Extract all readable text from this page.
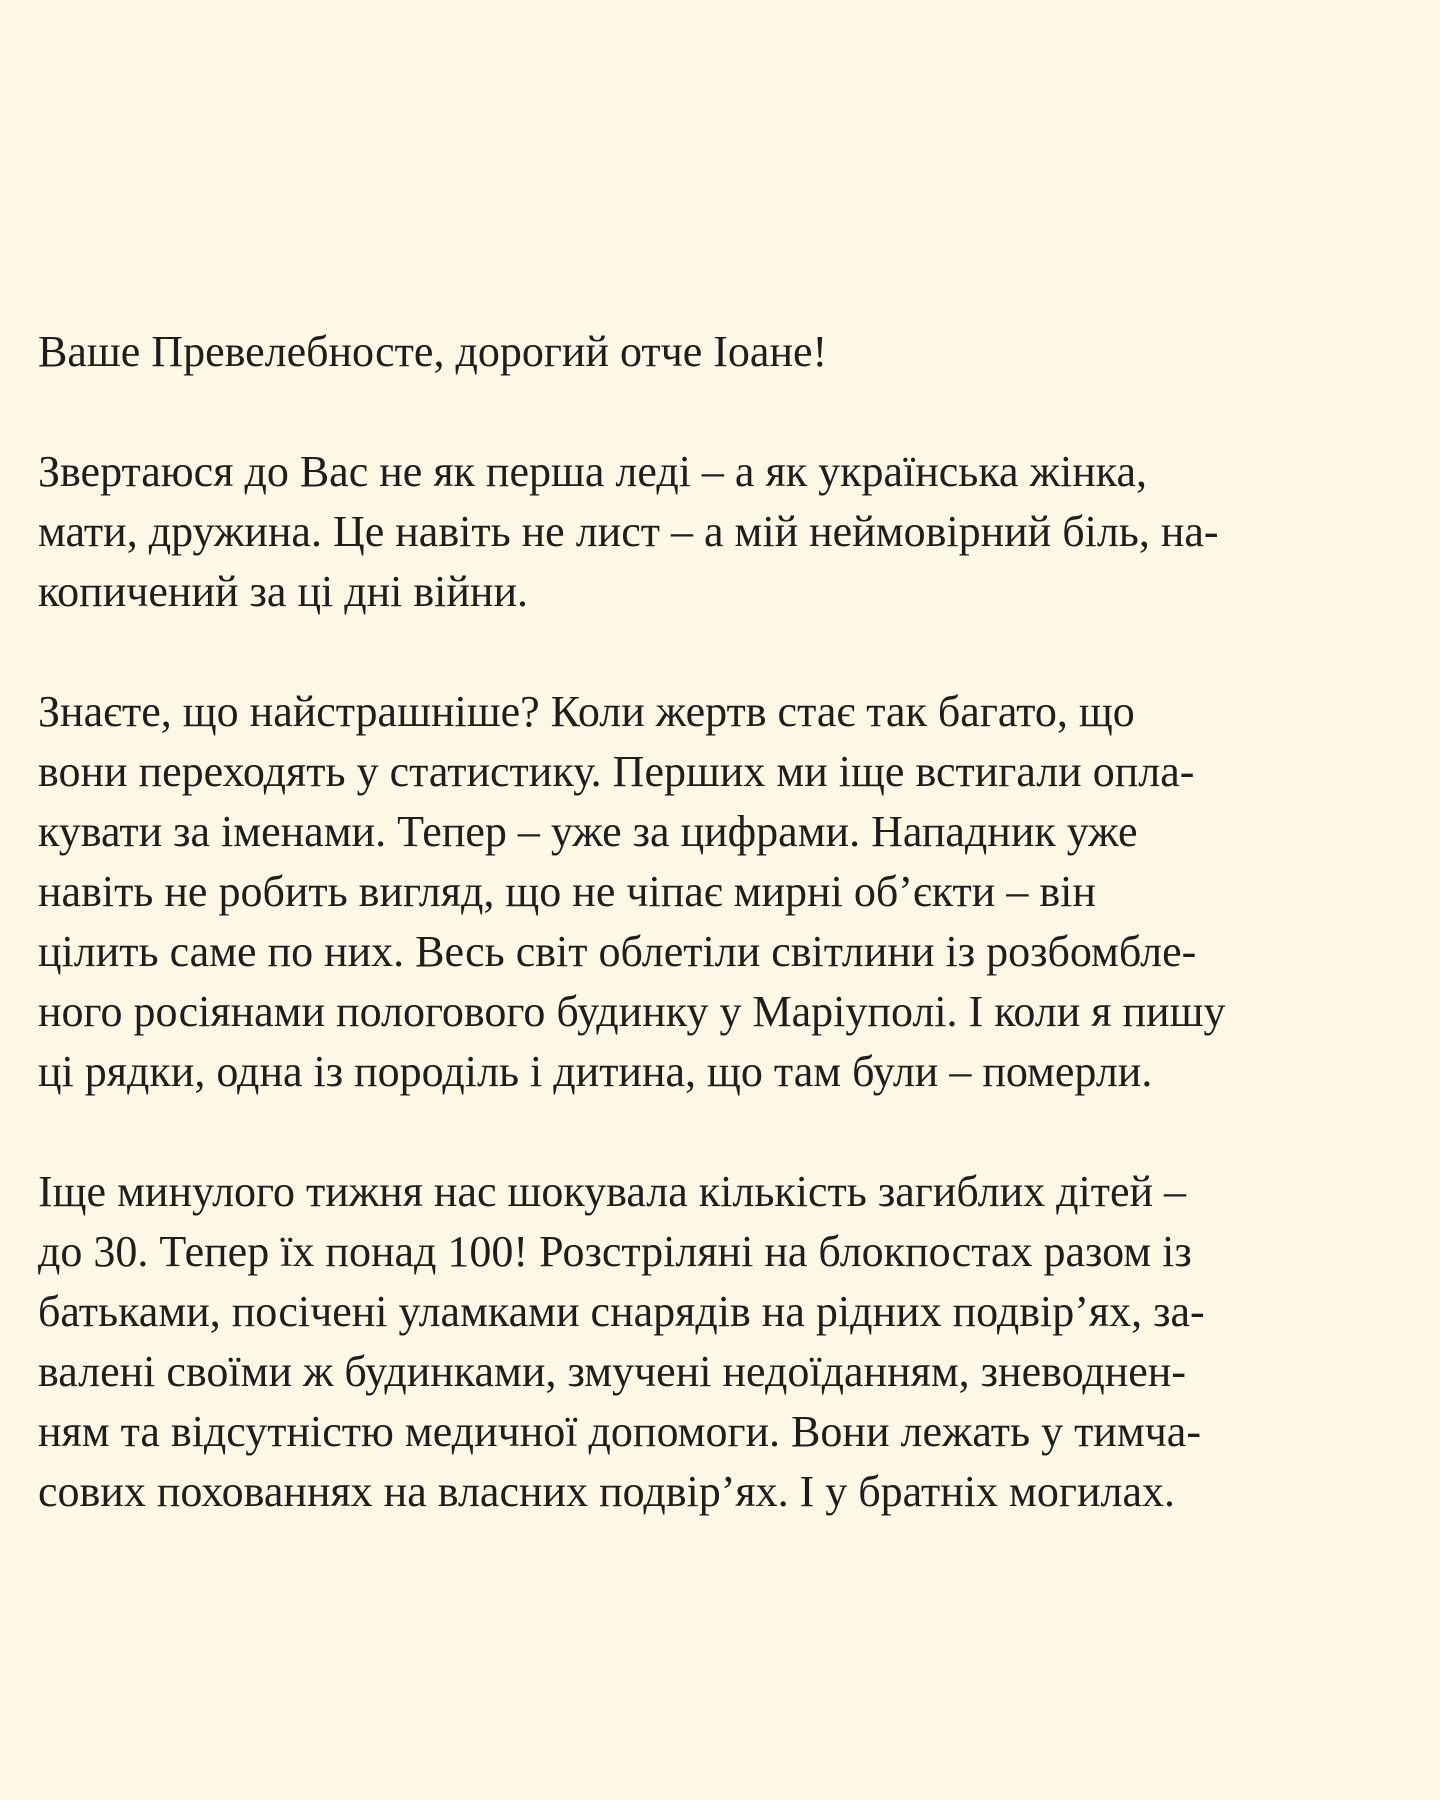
Ваше Превелебносте, дорогий отче Іоане!
Звертаюся до Вас не як перша леді – а як українська жінка,
мати, дружина. Це навіть не лист – а мій неймовірний біль, на-
копичений за ці дні війни.
Знаєте, що найстрашніше? Коли жертв стає так багато, що
вони переходять у статистику. Перших ми іще встигали опла-
кувати за іменами. Тепер – уже за цифрами. Нападник уже
навіть не робить вигляд, що не чіпає мирні об’єкти – він
цілить саме по них. Весь світ облетіли світлини із розбомбле-
ного росіянами пологового будинку у Маріуполі. І коли я пишу
ці рядки, одна із породіль і дитина, що там були – померли.
Іще минулого тижня нас шокувала кількість загиблих дітей –
до 30. Тепер їх понад 100! Розстріляні на блокпостах разом із
батьками, посічені уламками снарядів на рідних подвір’ях, за-
валені своїми ж будинками, змучені недоїданням, зневоднен-
ням та відсутністю медичної допомоги. Вони лежать у тимча-
сових похованнях на власних подвір’ях. І у братніх могилах.
